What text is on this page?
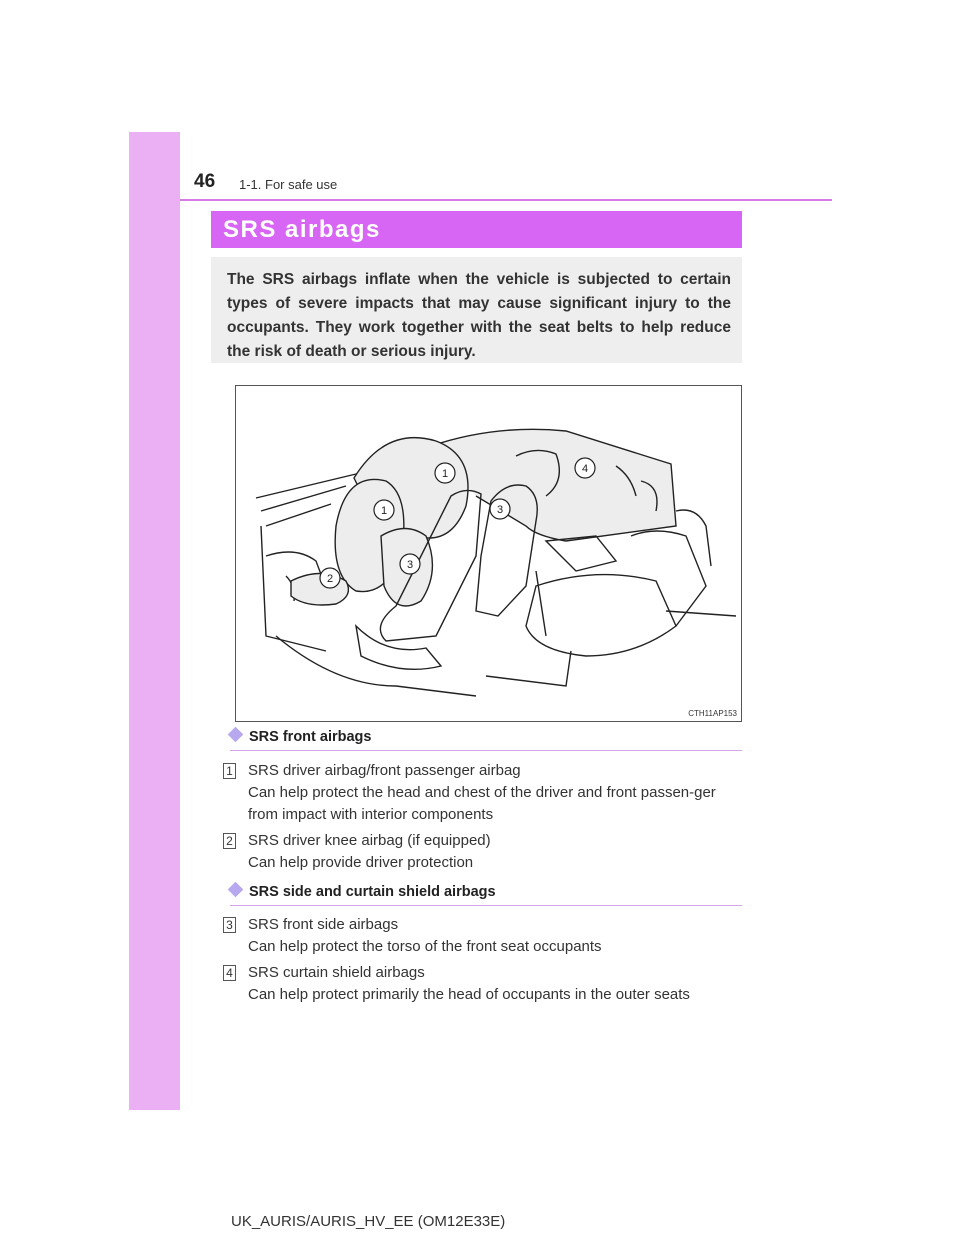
46 1-1. For safe use
SRS airbags
The SRS airbags inflate when the vehicle is subjected to certain types of severe impacts that may cause significant injury to the occupants. They work together with the seat belts to help reduce the risk of death or serious injury.
1
1
2
3
3
4
CTH11AP153
SRS front airbags
1 SRS driver airbag/front passenger airbag
Can help protect the head and chest of the driver and front passen-ger from impact with interior components
2 SRS driver knee airbag (if equipped)
Can help provide driver protection
SRS side and curtain shield airbags
3 SRS front side airbags
Can help protect the torso of the front seat occupants
4 SRS curtain shield airbags
Can help protect primarily the head of occupants in the outer seats
UK_AURIS/AURIS_HV_EE (OM12E33E)
